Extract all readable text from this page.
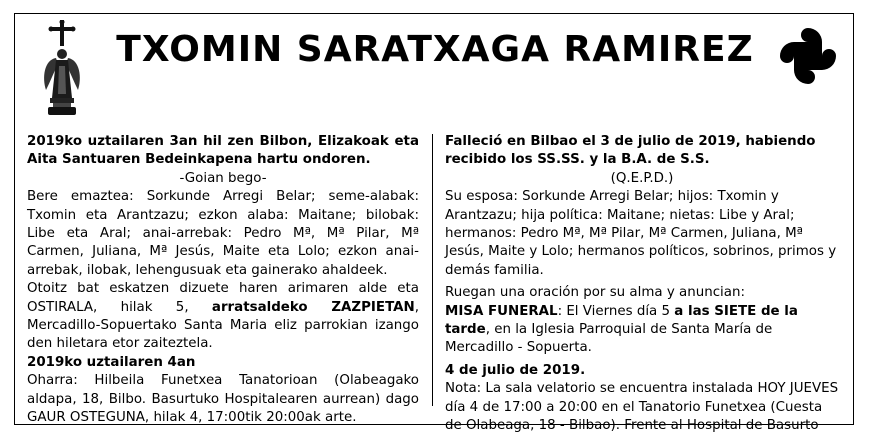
TXOMIN SARATXAGA RAMIREZ

2019ko uztailaren 3an hil zen Bilbon, Elizakoak eta Aita Santuaren Bedeinkapena hartu ondoren.

-Goian bego-

Bere emaztea: Sorkunde Arregi Belar; seme-alabak: Txomin eta Arantzazu; ezkon alaba: Maitane; bilobak: Libe eta Aral; anai-arrebak: Pedro Mª, Mª Pilar, Mª Carmen, Juliana, Mª Jesús, Maite eta Lolo; ezkon anai-arrebak, ilobak, lehengusuak eta gainerako ahaldeek.

Otoitz bat eskatzen dizuete haren arimaren alde eta OSTIRALA, hilak 5, arratsaldeko ZAZPIETAN, Mercadillo-Sopuertako Santa Maria eliz parrokian izango den hiletara etor zaiteztela.

2019ko uztailaren 4an

Oharra: Hilbeila Funetxea Tanatorioan (Olabeagako aldapa, 18, Bilbo. Basurtuko Hospitalearen aurrean) dago GAUR OSTEGUNA, hilak 4, 17:00tik 20:00ak arte.

Falleció en Bilbao el 3 de julio de 2019, habiendo recibido los SS.SS. y la B.A. de S.S.

(Q.E.P.D.)

Su esposa: Sorkunde Arregi Belar; hijos: Txomin y Arantzazu; hija política: Maitane; nietas: Libe y Aral; hermanos: Pedro Mª, Mª Pilar, Mª Carmen, Juliana, Mª Jesús, Maite y Lolo; hermanos políticos, sobrinos, primos y demás familia.

Ruegan una oración por su alma y anuncian:

MISA FUNERAL: El Viernes día 5 a las SIETE de la tarde, en la Iglesia Parroquial de Santa María de Mercadillo - Sopuerta.

4 de julio de 2019.

Nota: La sala velatorio se encuentra instalada HOY JUEVES día 4 de 17:00 a 20:00 en el Tanatorio Funetxea (Cuesta de Olabeaga, 18 - Bilbao). Frente al Hospital de Basurto
